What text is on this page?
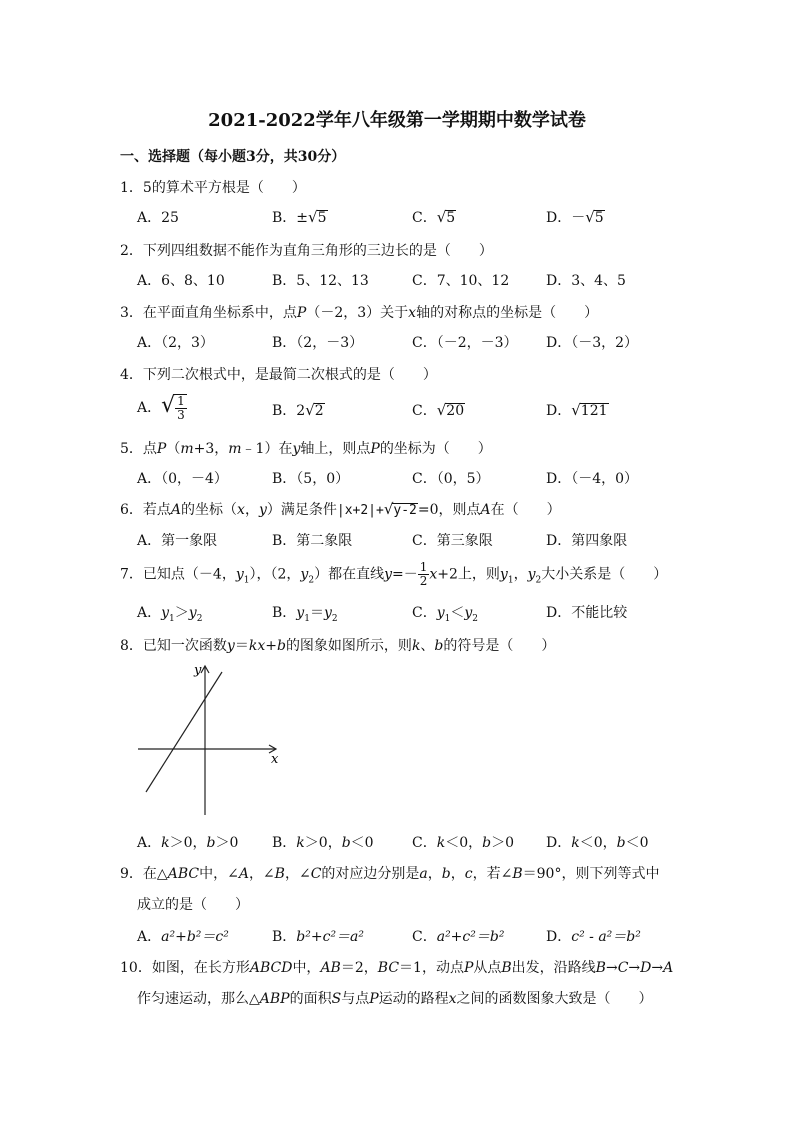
2021-2022学年八年级第一学期期中数学试卷
一、选择题（每小题3分，共30分）
1．5的算术平方根是（　　）
A．25	B．±√5	C．√5	D．－√5
2．下列四组数据不能作为直角三角形的三边长的是（　　）
A．6、8、10	B．5、12、13	C．7、10、12	D．3、4、5
3．在平面直角坐标系中，点P（－2，3）关于x轴的对称点的坐标是（　　）
A．（2，3）	B．（2，－3）	C．（－2，－3） D．（－3，2）
4．下列二次根式中，是最简二次根式的是（　　）
A．√ $\frac{1}{3}$	B．2√2	C．√20	D．√121
5．点P（m+3，m﹣1）在y轴上，则点P的坐标为（　　）
A．（0，－4）	B．（5，0）	C．（0，5）	D．（－4，0）
6．若点A的坐标（x，y）满足条件|x+2|+√y-2=0，则点A在（　　）
A．第一象限	B．第二象限	C．第三象限	D．第四象限
7．已知点（－4，$y_1$），（2，$y_2$）都在直线$y=- \frac{1}{2} x+2$上，则$y_1$，$y_2$大小关系是（　　）
A．$y_1>y_2$	B．$y_1=y_2$	C．$y_1<y_2$	D．不能比较
8．已知一次函数y＝kx+b的图象如图所示，则k、b的符号是（　　）
x
y
A．k＞0，b＞0 B．k＞0，b＜0	C．k＜0，b＞0 D．k＜0，b＜0
9．在△ABC中，∠A，∠B，∠C的对应边分别是a，b，c，若∠B＝90°，则下列等式中
成立的是（　　）
A．a²+b²＝c²	B．b²+c²＝a²	C．a²+c²＝b²	D．c² - a²＝b²
10．如图，在长方形ABCD中，AB＝2，BC＝1，动点P从点B出发，沿路线B→C→D→A
作匀速运动，那么△ABP的面积S与点P运动的路程x之间的函数图象大致是（　　）
